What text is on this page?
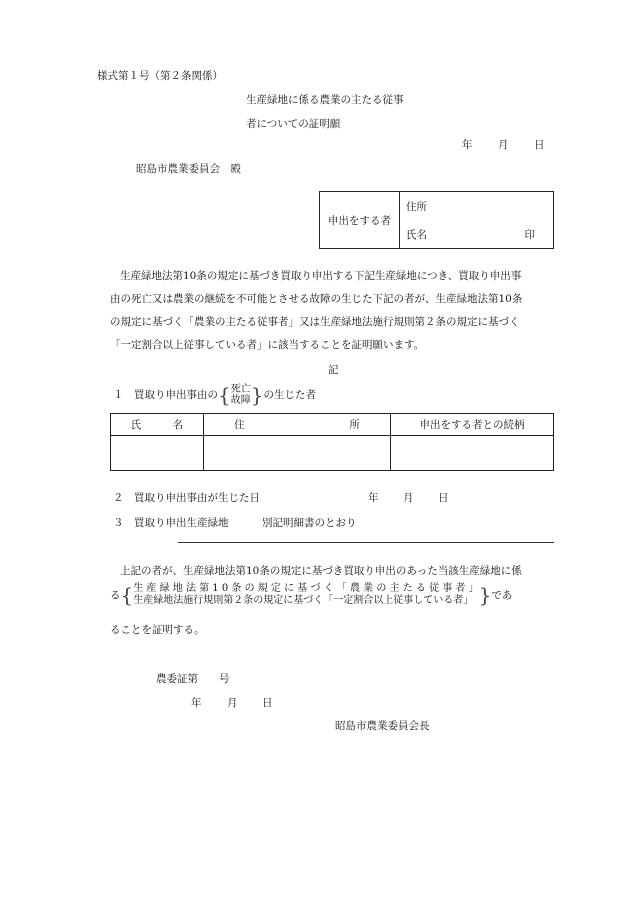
様式第１号（第２条関係）
生産緑地に係る農業の主たる従事
者についての証明願
年 月 日
昭島市農業委員会　殿
申出をする者	住所
氏名	印

生産緑地法第10条の規定に基づき買取り申出する下記生産緑地につき、買取り申出事

由の死亡又は農業の継続を不可能とさせる故障の生じた下記の者が、生産緑地法第10条

の規定に基づく「農業の主たる従事者」又は生産緑地法施行規則第２条の規定に基づく

「一定割合以上従事している者」に該当することを証明願います。

記
１　買取り申出事由の{死亡
故障}の生じた者
氏　　　名	住 所	申出をする者との続柄

２　買取り申出事由が生じた日	年 月 日
３　買取り申出生産緑地	別記明細書のとおり
上記の者が、生産緑地法第10条の規定に基づき買取り申出のあった当該生産緑地に係
る{生 産 緑 地 法 第 1 0 条 の 規 定 に 基 づ く 「 農 業 の 主 た る 従 事 者 」
生産緑地法施行規則第２条の規定に基づく「一定割合以上従事している者」 }であ
ることを証明する。
農委証第　　号
年 月 日
昭島市農業委員会長
